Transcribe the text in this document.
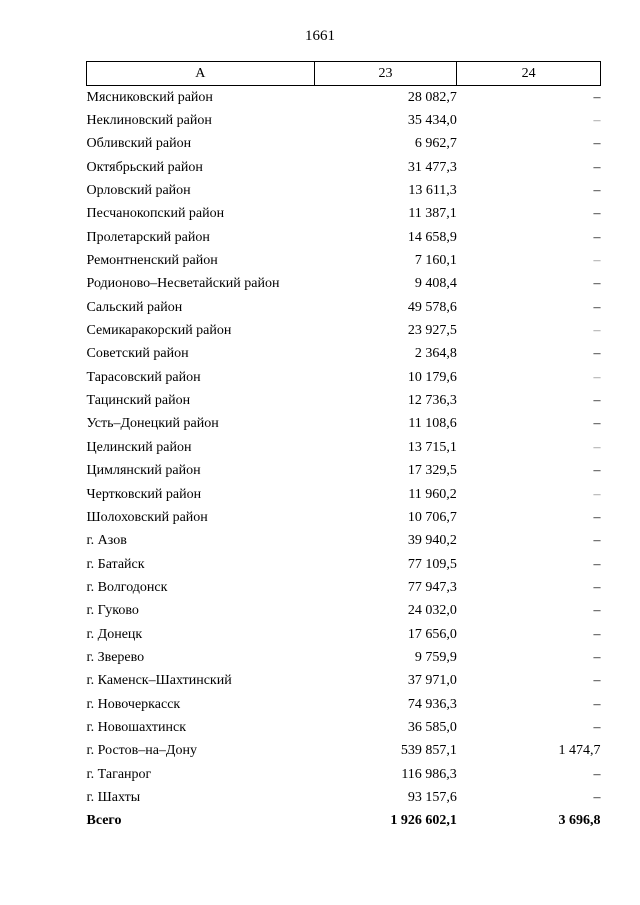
1661
А	23	24
Мясниковский район	28 082,7	–
Неклиновский район	35 434,0	–
Обливский район	6 962,7	–
Октябрьский район	31 477,3	–
Орловский район	13 611,3	–
Песчанокопский район	11 387,1	–
Пролетарский район	14 658,9	–
Ремонтненский район	7 160,1	–
Родионово–Несветайский район	9 408,4	–
Сальский район	49 578,6	–
Семикаракорский район	23 927,5	–
Советский район	2 364,8	–
Тарасовский район	10 179,6	–
Тацинский район	12 736,3	–
Усть–Донецкий район	11 108,6	–
Целинский район	13 715,1	–
Цимлянский район	17 329,5	–
Чертковский район	11 960,2	–
Шолоховский район	10 706,7	–
г. Азов	39 940,2	–
г. Батайск	77 109,5	–
г. Волгодонск	77 947,3	–
г. Гуково	24 032,0	–
г. Донецк	17 656,0	–
г. Зверево	9 759,9	–
г. Каменск–Шахтинский	37 971,0	–
г. Новочеркасск	74 936,3	–
г. Новошахтинск	36 585,0	–
г. Ростов–на–Дону	539 857,1	1 474,7
г. Таганрог	116 986,3	–
г. Шахты	93 157,6	–
Всего	1 926 602,1	3 696,8
